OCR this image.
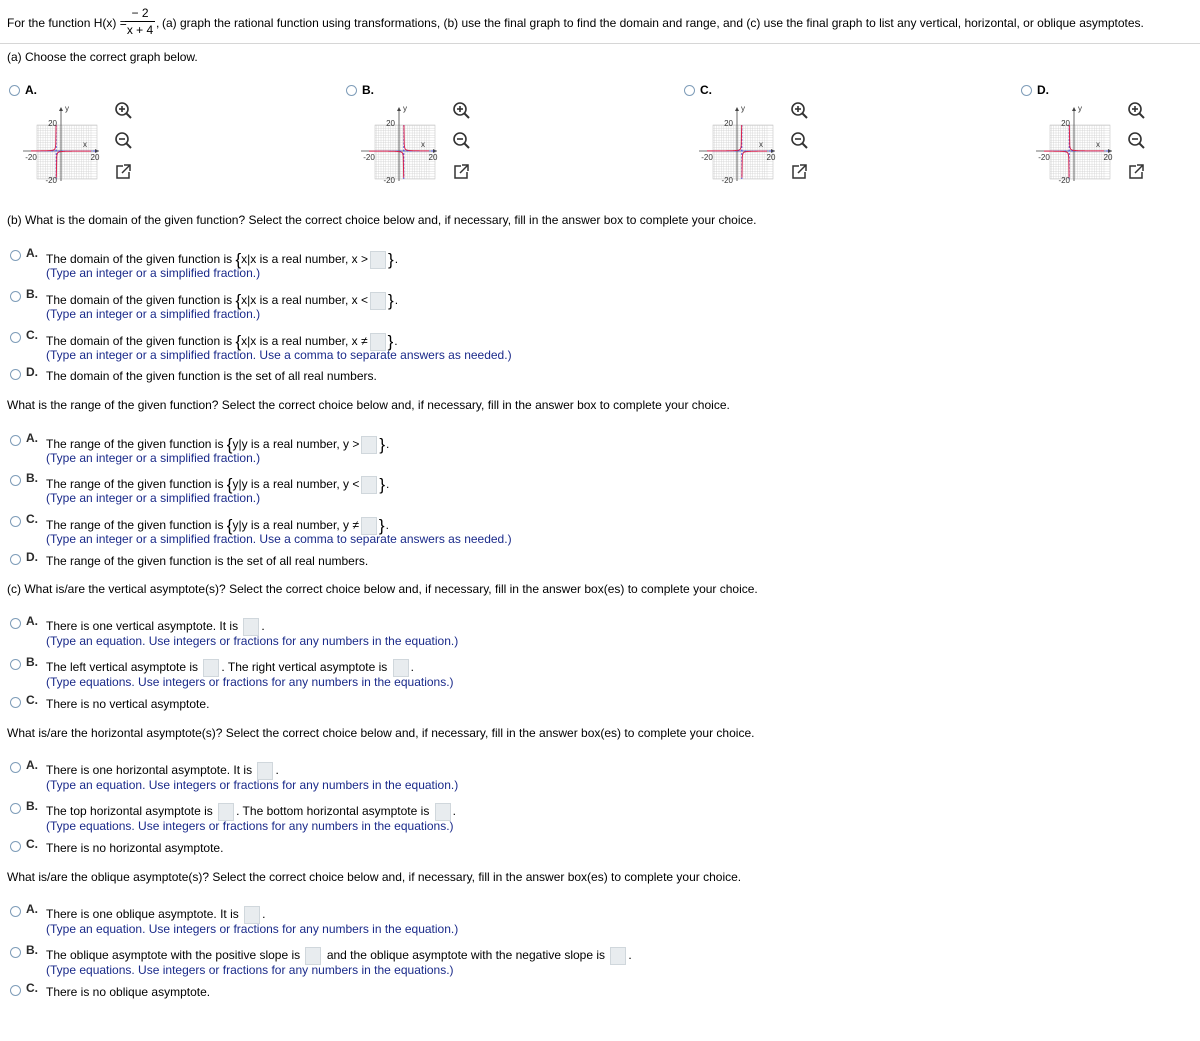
For the function H(x) =
$\frac{- 2}{x + 4}$ , (a) graph the rational function using transformations, (b) use the final graph to find the domain and range, and (c) use the final graph to list any vertical, horizontal, or oblique asymptotes.
(a) Choose the correct graph below.
A.
20
-20
-20	20
x
y
B.
20
-20
-20	20
x
y
C.
20
-20
-20	20
x
y
D.
20
-20
-20	20
x
y
(b) What is the domain of the given function? Select the correct choice below and, if necessary, fill in the answer box to complete your choice.
A. The domain of the given function is {x|x is a real number, x > }.
(Type an integer or a simplified fraction.)
B. The domain of the given function is {x|x is a real number, x < }.
(Type an integer or a simplified fraction.)
C. The domain of the given function is {x|x is a real number, x ≠ }.
(Type an integer or a simplified fraction. Use a comma to separate answers as needed.)
D. The domain of the given function is the set of all real numbers.
What is the range of the given function? Select the correct choice below and, if necessary, fill in the answer box to complete your choice.
A. The range of the given function is {y|y is a real number, y > }.
(Type an integer or a simplified fraction.)
B. The range of the given function is {y|y is a real number, y < }.
(Type an integer or a simplified fraction.)
C. The range of the given function is {y|y is a real number, y ≠ }.
(Type an integer or a simplified fraction. Use a comma to separate answers as needed.)
D. The range of the given function is the set of all real numbers.
(c) What is/are the vertical asymptote(s)? Select the correct choice below and, if necessary, fill in the answer box(es) to complete your choice.
A. There is one vertical asymptote. It is .
(Type an equation. Use integers or fractions for any numbers in the equation.)
B. The left vertical asymptote is . The right vertical asymptote is .
(Type equations. Use integers or fractions for any numbers in the equations.)
C. There is no vertical asymptote.
What is/are the horizontal asymptote(s)? Select the correct choice below and, if necessary, fill in the answer box(es) to complete your choice.
A. There is one horizontal asymptote. It is .
(Type an equation. Use integers or fractions for any numbers in the equation.)
B. The top horizontal asymptote is . The bottom horizontal asymptote is .
(Type equations. Use integers or fractions for any numbers in the equations.)
C. There is no horizontal asymptote.
What is/are the oblique asymptote(s)? Select the correct choice below and, if necessary, fill in the answer box(es) to complete your choice.
A. There is one oblique asymptote. It is .
(Type an equation. Use integers or fractions for any numbers in the equation.)
B. The oblique asymptote with the positive slope is and the oblique asymptote with the negative slope is .
(Type equations. Use integers or fractions for any numbers in the equations.)
C. There is no oblique asymptote.
